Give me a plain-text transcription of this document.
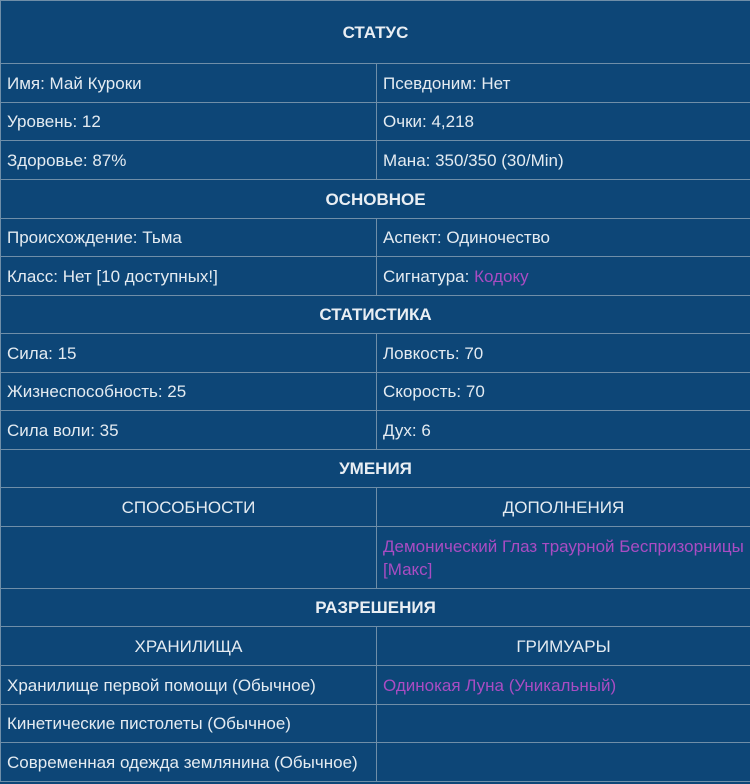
СТАТУС	
Имя: Май Куроки	Псевдоним: Нет
Уровень: 12	Очки: 4,218
Здоровье: 87%	Мана: 350/350 (30/Min)
ОСНОВНОЕ	
Происхождение: Тьма	Аспект: Одиночество
Класс: Нет [10 доступных!]	Сигнатура: Кодоку
СТАТИСТИКА	
Сила: 15	Ловкость: 70
Жизнеспособность: 25	Скорость: 70
Сила воли: 35	Дух: 6
УМЕНИЯ	
СПОСОБНОСТИ	ДОПОЛНЕНИЯ
	Демонический Глаз траурной Беспризорницы [Макс]
РАЗРЕШЕНИЯ	
ХРАНИЛИЩА	ГРИМУАРЫ
Хранилище первой помощи (Обычное)	Одинокая Луна (Уникальный)
Кинетические пистолеты (Обычное)	
Современная одежда землянина (Обычное)	
